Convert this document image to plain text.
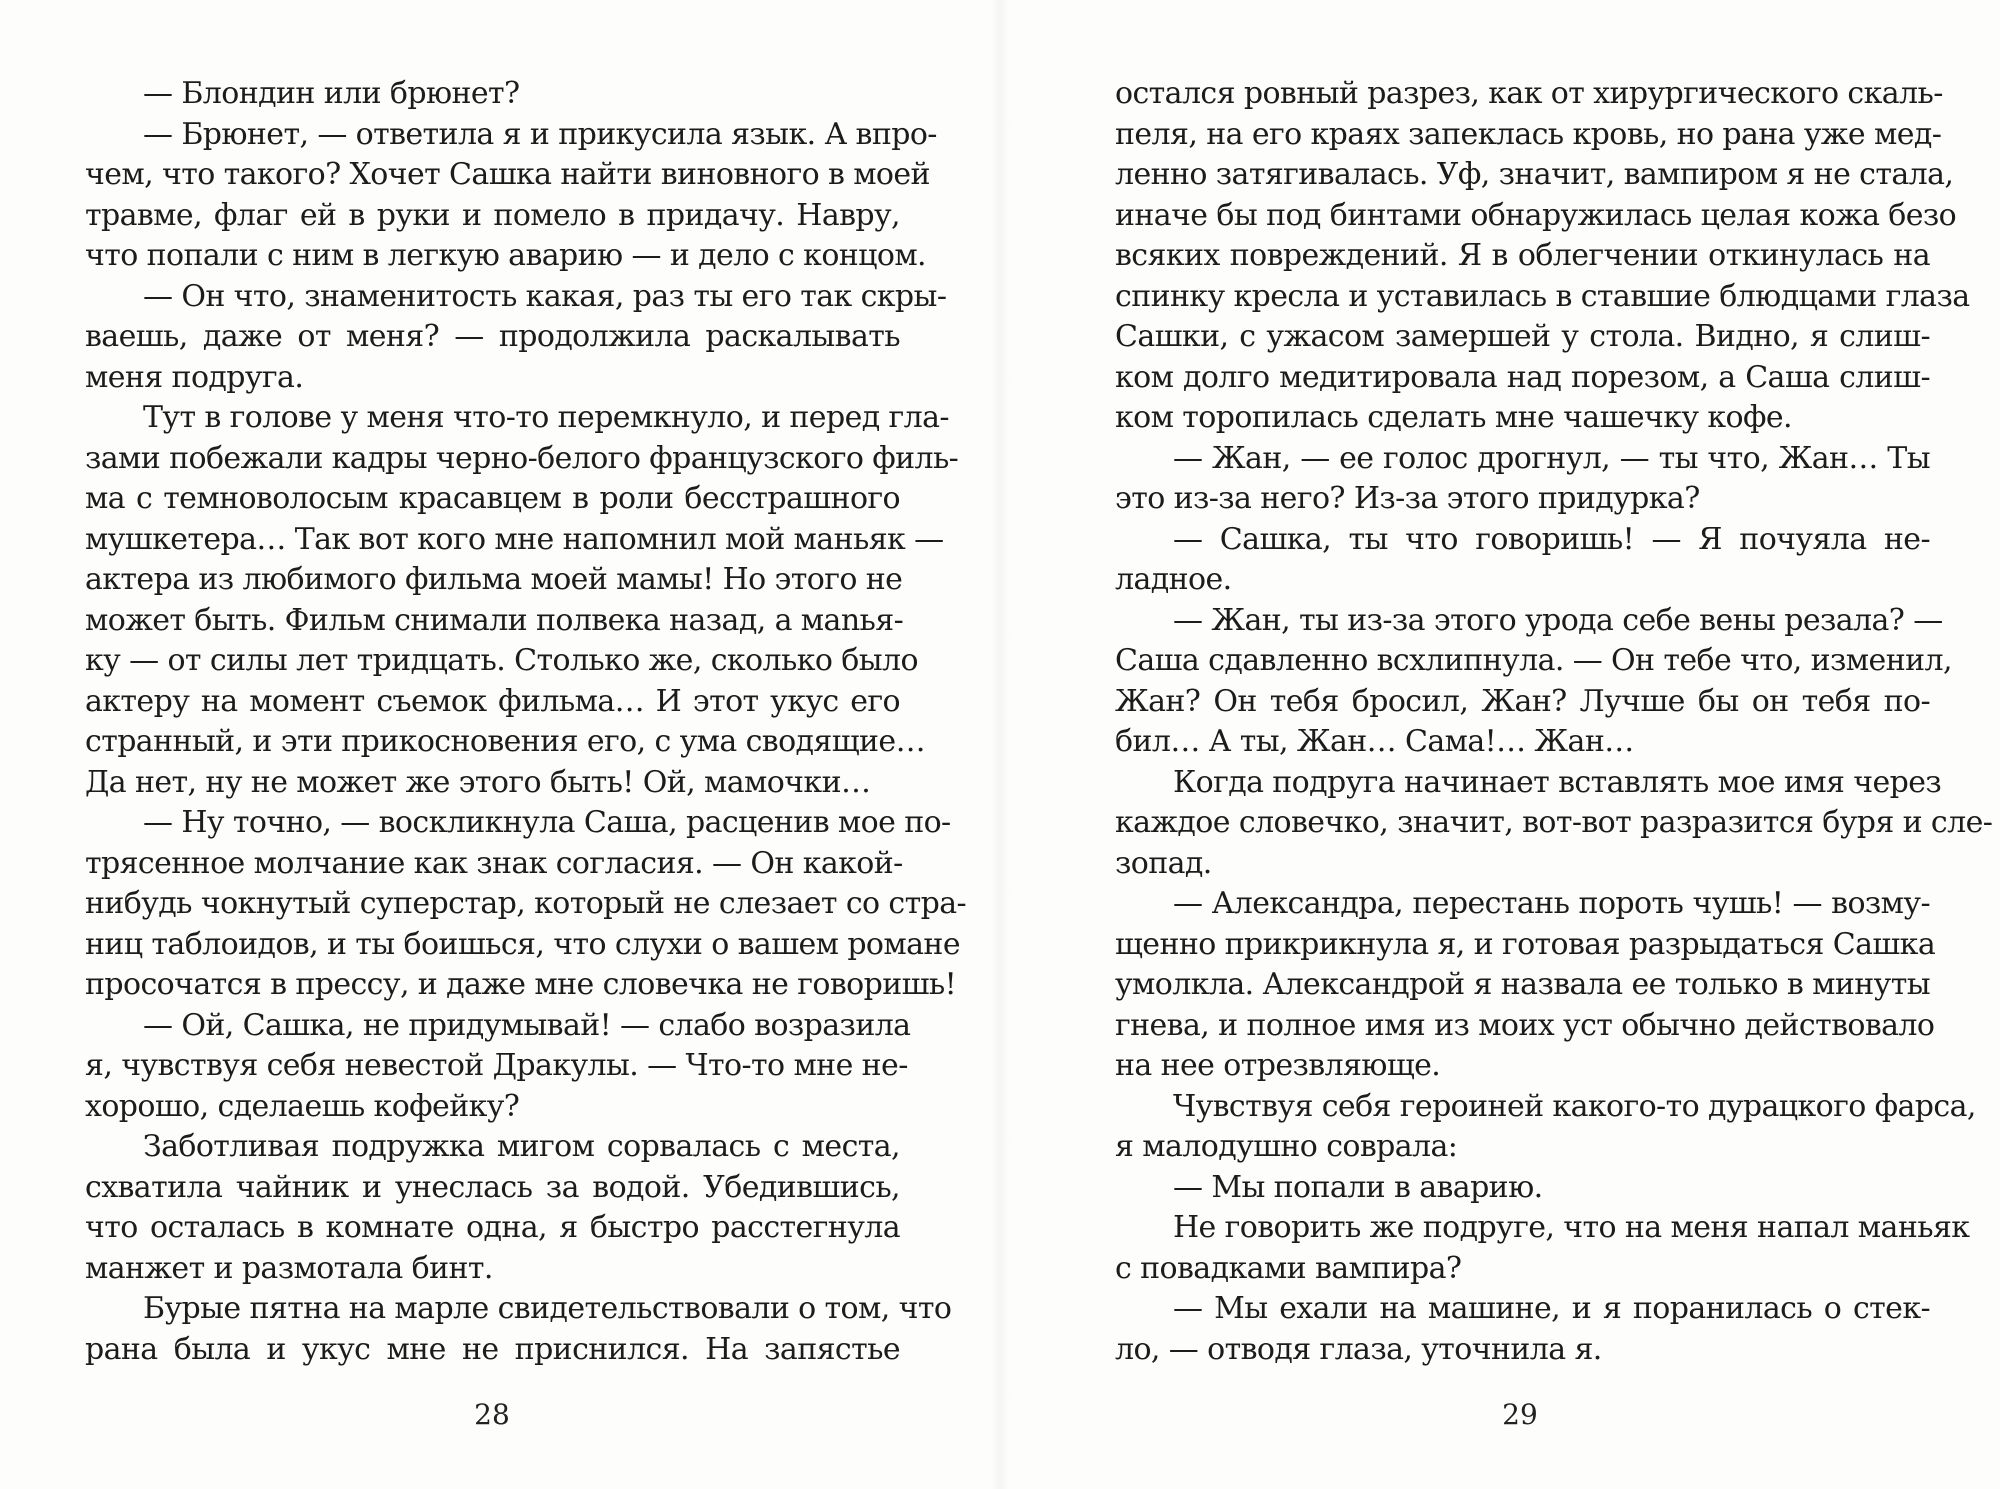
— Блондин или брюнет?
— Брюнет, — ответила я и прикусила язык. А впро-
чем, что такого? Хочет Сашка найти виновного в моей
травме, флаг ей в руки и помело в придачу. Навру,
что попали с ним в легкую аварию — и дело с концом.
— Он что, знаменитость какая, раз ты его так скры-
ваешь, даже от меня? — продолжила раскалывать
меня подруга.
Тут в голове у меня что-то перемкнуло, и перед гла-
зами побежали кадры черно-белого французского филь-
ма с темноволосым красавцем в роли бесстрашного
мушкетера… Так вот кого мне напомнил мой маньяк —
актера из любимого фильма моей мамы! Но этого не
может быть. Фильм снимали полвека назад, а маnья-
ку — от силы лет тридцать. Столько же, сколько было
актеру на момент съемок фильма… И этот укус его
странный, и эти прикосновения его, с ума сводящие…
Да нет, ну не может же этого быть! Ой, мамочки…
— Ну точно, — воскликнула Саша, расценив мое по-
трясенное молчание как знак согласия. — Он какой-
нибудь чокнутый суперстар, который не слезает со стра-
ниц таблоидов, и ты боишься, что слухи о вашем романе
просочатся в прессу, и даже мне словечка не говоришь!
— Ой, Сашка, не придумывай! — слабо возразила
я, чувствуя себя невестой Дракулы. — Что-то мне не-
хорошо, сделаешь кофейку?
Заботливая подружка мигом сорвалась с места,
схватила чайник и унеслась за водой. Убедившись,
что осталась в комнате одна, я быстро расстегнула
манжет и размотала бинт.
Бурые пятна на марле свидетельствовали о том, что
рана была и укус мне не приснился. На запястье
28
остался ровный разрез, как от хирургического скаль-
пеля, на его краях запеклась кровь, но рана уже мед-
ленно затягивалась. Уф, значит, вампиром я не стала,
иначе бы под бинтами обнаружилась целая кожа безо
всяких повреждений. Я в облегчении откинулась на
спинку кресла и уставилась в ставшие блюдцами глаза
Сашки, с ужасом замершей у стола. Видно, я слиш-
ком долго медитировала над порезом, а Саша слиш-
ком торопилась сделать мне чашечку кофе.
— Жан, — ее голос дрогнул, — ты что, Жан… Ты
это из-за него? Из-за этого придурка?
— Сашка, ты что говоришь! — Я почуяла не-
ладное.
— Жан, ты из-за этого урода себе вены резала? —
Саша сдавленно всхлипнула. — Он тебе что, изменил,
Жан? Он тебя бросил, Жан? Лучше бы он тебя по-
бил… А ты, Жан… Сама!… Жан…
Когда подруга начинает вставлять мое имя через
каждое словечко, значит, вот-вот разразится буря и сле-
зопад.
— Александра, перестань пороть чушь! — возму-
щенно прикрикнула я, и готовая разрыдаться Сашка
умолкла. Александрой я назвала ее только в минуты
гнева, и полное имя из моих уст обычно действовало
на нее отрезвляюще.
Чувствуя себя героиней какого-то дурацкого фарса,
я малодушно соврала:
— Мы попали в аварию.
Не говорить же подруге, что на меня напал маньяк
с повадками вампира?
— Мы ехали на машине, и я поранилась о стек-
ло, — отводя глаза, уточнила я.
29
